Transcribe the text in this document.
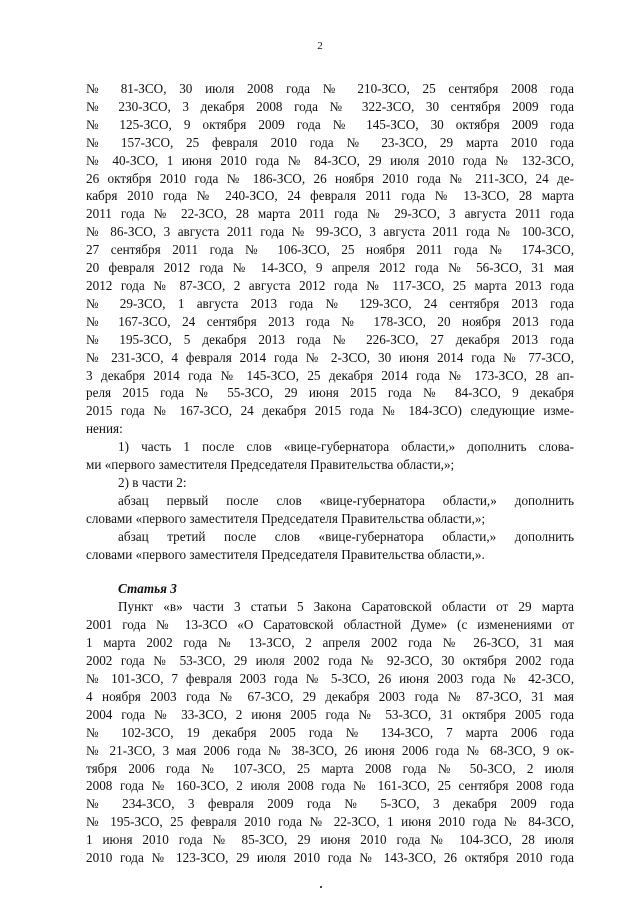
2
№ 81-ЗСО, 30 июля 2008 года № 210-ЗСО, 25 сентября 2008 года
№ 230-ЗСО, 3 декабря 2008 года № 322-ЗСО, 30 сентября 2009 года
№ 125-ЗСО, 9 октября 2009 года № 145-ЗСО, 30 октября 2009 года
№ 157-ЗСО, 25 февраля 2010 года № 23-ЗСО, 29 марта 2010 года
№ 40-ЗСО, 1 июня 2010 года № 84-ЗСО, 29 июля 2010 года № 132-ЗСО,
26 октября 2010 года № 186-ЗСО, 26 ноября 2010 года № 211-ЗСО, 24 де-
кабря 2010 года № 240-ЗСО, 24 февраля 2011 года № 13-ЗСО, 28 марта
2011 года № 22-ЗСО, 28 марта 2011 года № 29-ЗСО, 3 августа 2011 года
№ 86-ЗСО, 3 августа 2011 года № 99-ЗСО, 3 августа 2011 года № 100-ЗСО,
27 сентября 2011 года № 106-ЗСО, 25 ноября 2011 года № 174-ЗСО,
20 февраля 2012 года № 14-ЗСО, 9 апреля 2012 года № 56-ЗСО, 31 мая
2012 года № 87-ЗСО, 2 августа 2012 года № 117-ЗСО, 25 марта 2013 года
№ 29-ЗСО, 1 августа 2013 года № 129-ЗСО, 24 сентября 2013 года
№ 167-ЗСО, 24 сентября 2013 года № 178-ЗСО, 20 ноября 2013 года
№ 195-ЗСО, 5 декабря 2013 года № 226-ЗСО, 27 декабря 2013 года
№ 231-ЗСО, 4 февраля 2014 года № 2-ЗСО, 30 июня 2014 года № 77-ЗСО,
3 декабря 2014 года № 145-ЗСО, 25 декабря 2014 года № 173-ЗСО, 28 ап-
реля 2015 года № 55-ЗСО, 29 июня 2015 года № 84-ЗСО, 9 декабря
2015 года № 167-ЗСО, 24 декабря 2015 года № 184-ЗСО) следующие изме-
нения:
1) часть 1 после слов «вице-губернатора области,» дополнить слова-
ми «первого заместителя Председателя Правительства области,»;
2) в части 2:
абзац первый после слов «вице-губернатора области,» дополнить
словами «первого заместителя Председателя Правительства области,»;
абзац третий после слов «вице-губернатора области,» дополнить
словами «первого заместителя Председателя Правительства области,».
Статья 3
Пункт «в» части 3 статьи 5 Закона Саратовской области от 29 марта
2001 года № 13-ЗСО «О Саратовской областной Думе» (с изменениями от
1 марта 2002 года № 13-ЗСО, 2 апреля 2002 года № 26-ЗСО, 31 мая
2002 года № 53-ЗСО, 29 июля 2002 года № 92-ЗСО, 30 октября 2002 года
№ 101-ЗСО, 7 февраля 2003 года № 5-ЗСО, 26 июня 2003 года № 42-ЗСО,
4 ноября 2003 года № 67-ЗСО, 29 декабря 2003 года № 87-ЗСО, 31 мая
2004 года № 33-ЗСО, 2 июня 2005 года № 53-ЗСО, 31 октября 2005 года
№ 102-ЗСО, 19 декабря 2005 года № 134-ЗСО, 7 марта 2006 года
№ 21-ЗСО, 3 мая 2006 года № 38-ЗСО, 26 июня 2006 года № 68-ЗСО, 9 ок-
тября 2006 года № 107-ЗСО, 25 марта 2008 года № 50-ЗСО, 2 июля
2008 года № 160-ЗСО, 2 июля 2008 года № 161-ЗСО, 25 сентября 2008 года
№ 234-ЗСО, 3 февраля 2009 года № 5-ЗСО, 3 декабря 2009 года
№ 195-ЗСО, 25 февраля 2010 года № 22-ЗСО, 1 июня 2010 года № 84-ЗСО,
1 июня 2010 года № 85-ЗСО, 29 июня 2010 года № 104-ЗСО, 28 июля
2010 года № 123-ЗСО, 29 июля 2010 года № 143-ЗСО, 26 октября 2010 года
